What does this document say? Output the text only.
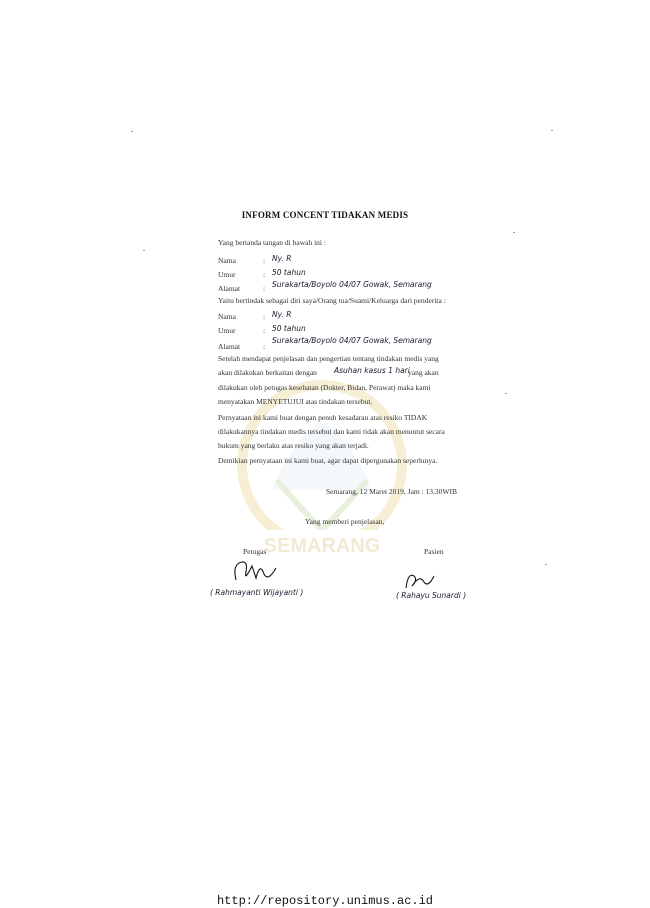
SEMARANG
INFORM CONCENT TIDAKAN MEDIS
Yang bertanda tangan di bawah ini :
Nama	: Ny. R
Umur	: 50 tahun
Alamat	: Surakarta/Boyolo 04/07 Gowak, Semarang
Yaitu bertindak sebagai diri saya/Orang tua/Suami/Keluarga dari penderita :
Nama	: Ny. R
Umur	: 50 tahun
Alamat	:
Surakarta/Boyolo 04/07 Gowak, Semarang
Setelah mendapat penjelasan dan pengertian tentang tindakan medis yang
akan dilakukan berkaitan dengan Asuhan kasus 1 hari
yang akan
dilakukan oleh petugas kesehatan (Dokter, Bidan, Perawat) maka kami
menyatakan MENYETUJUI atas tindakan tersebut.
Pernyataan ini kami buat dengan penuh kesadaran atas resiko TIDAK
dilakukannya tindakan medis tersebut dan kami tidak akan menuntut secara
hukum yang berlaku atas resiko yang akan terjadi.
Demikian pernyataan ini kami buat, agar dapat dipergunakan seperlunya.
Semarang, 12 Maret 2019, Jam : 13.30WIB
Yang memberi penjelasan,
Petugas	Pasien
( Rahmayanti Wijayanti )	( Rahayu Sunardi )
http://repository.unimus.ac.id
